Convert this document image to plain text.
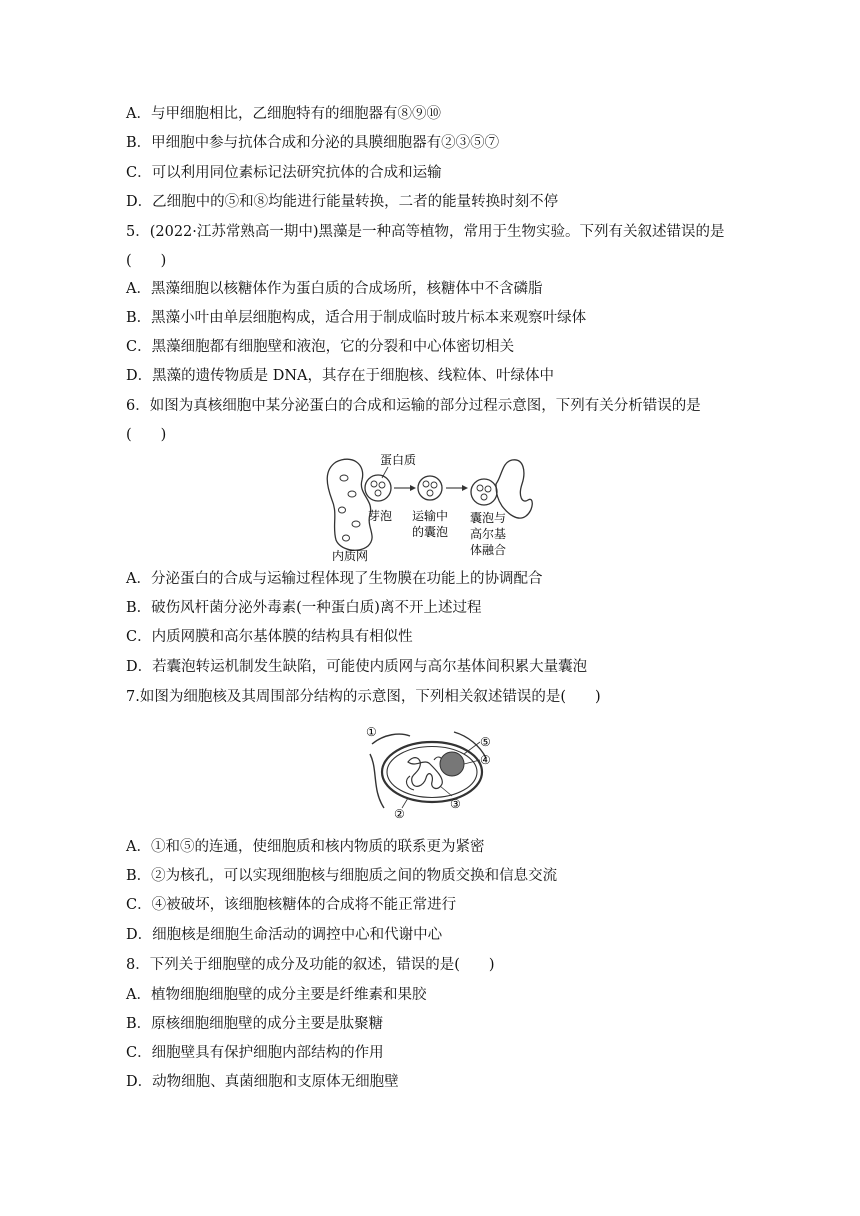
A．与甲细胞相比，乙细胞特有的细胞器有⑧⑨⑩
B．甲细胞中参与抗体合成和分泌的具膜细胞器有②③⑤⑦
C．可以利用同位素标记法研究抗体的合成和运输
D．乙细胞中的⑤和⑧均能进行能量转换，二者的能量转换时刻不停
5．(2022·江苏常熟高一期中)黑藻是一种高等植物，常用于生物实验。下列有关叙述错误的是
(　　)
A．黑藻细胞以核糖体作为蛋白质的合成场所，核糖体中不含磷脂
B．黑藻小叶由单层细胞构成，适合用于制成临时玻片标本来观察叶绿体
C．黑藻细胞都有细胞壁和液泡，它的分裂和中心体密切相关
D．黑藻的遗传物质是 DNA，其存在于细胞核、线粒体、叶绿体中
6．如图为真核细胞中某分泌蛋白的合成和运输的部分过程示意图，下列有关分析错误的是
(　　)
蛋白质
芽泡 运输中
的囊泡
囊泡与
高尔基
体融合
内质网
A．分泌蛋白的合成与运输过程体现了生物膜在功能上的协调配合
B．破伤风杆菌分泌外毒素(一种蛋白质)离不开上述过程
C．内质网膜和高尔基体膜的结构具有相似性
D．若囊泡转运机制发生缺陷，可能使内质网与高尔基体间积累大量囊泡
7.如图为细胞核及其周围部分结构的示意图，下列相关叙述错误的是(　　)
①
⑤
④
③
②
A．①和⑤的连通，使细胞质和核内物质的联系更为紧密
B．②为核孔，可以实现细胞核与细胞质之间的物质交换和信息交流
C．④被破坏，该细胞核糖体的合成将不能正常进行
D．细胞核是细胞生命活动的调控中心和代谢中心
8．下列关于细胞壁的成分及功能的叙述，错误的是(　　)
A．植物细胞细胞壁的成分主要是纤维素和果胶
B．原核细胞细胞壁的成分主要是肽聚糖
C．细胞壁具有保护细胞内部结构的作用
D．动物细胞、真菌细胞和支原体无细胞壁
